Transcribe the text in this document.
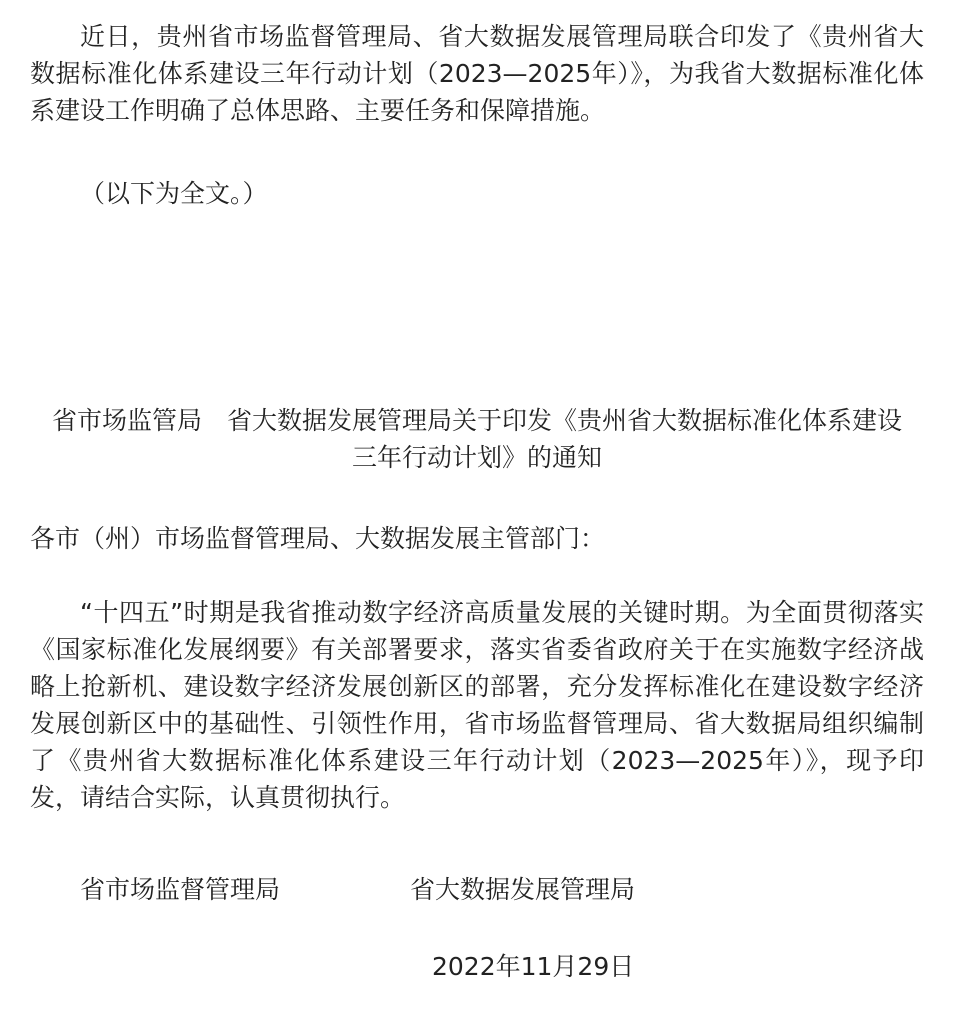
近日，贵州省市场监督管理局、省大数据发展管理局联合印发了《贵州省大数据标准化体系建设三年行动计划（2023—2025年）》，为我省大数据标准化体系建设工作明确了总体思路、主要任务和保障措施。

（以下为全文。）

省市场监管局　省大数据发展管理局关于印发《贵州省大数据标准化体系建设
三年行动计划》的通知

各市（州）市场监督管理局、大数据发展主管部门：

“十四五”时期是我省推动数字经济高质量发展的关键时期。为全面贯彻落实《国家标准化发展纲要》有关部署要求，落实省委省政府关于在实施数字经济战略上抢新机、建设数字经济发展创新区的部署，充分发挥标准化在建设数字经济发展创新区中的基础性、引领性作用，省市场监督管理局、省大数据局组织编制了《贵州省大数据标准化体系建设三年行动计划（2023—2025年）》，现予印发，请结合实际，认真贯彻执行。

省市场监督管理局	省大数据发展管理局

2022年11月29日
